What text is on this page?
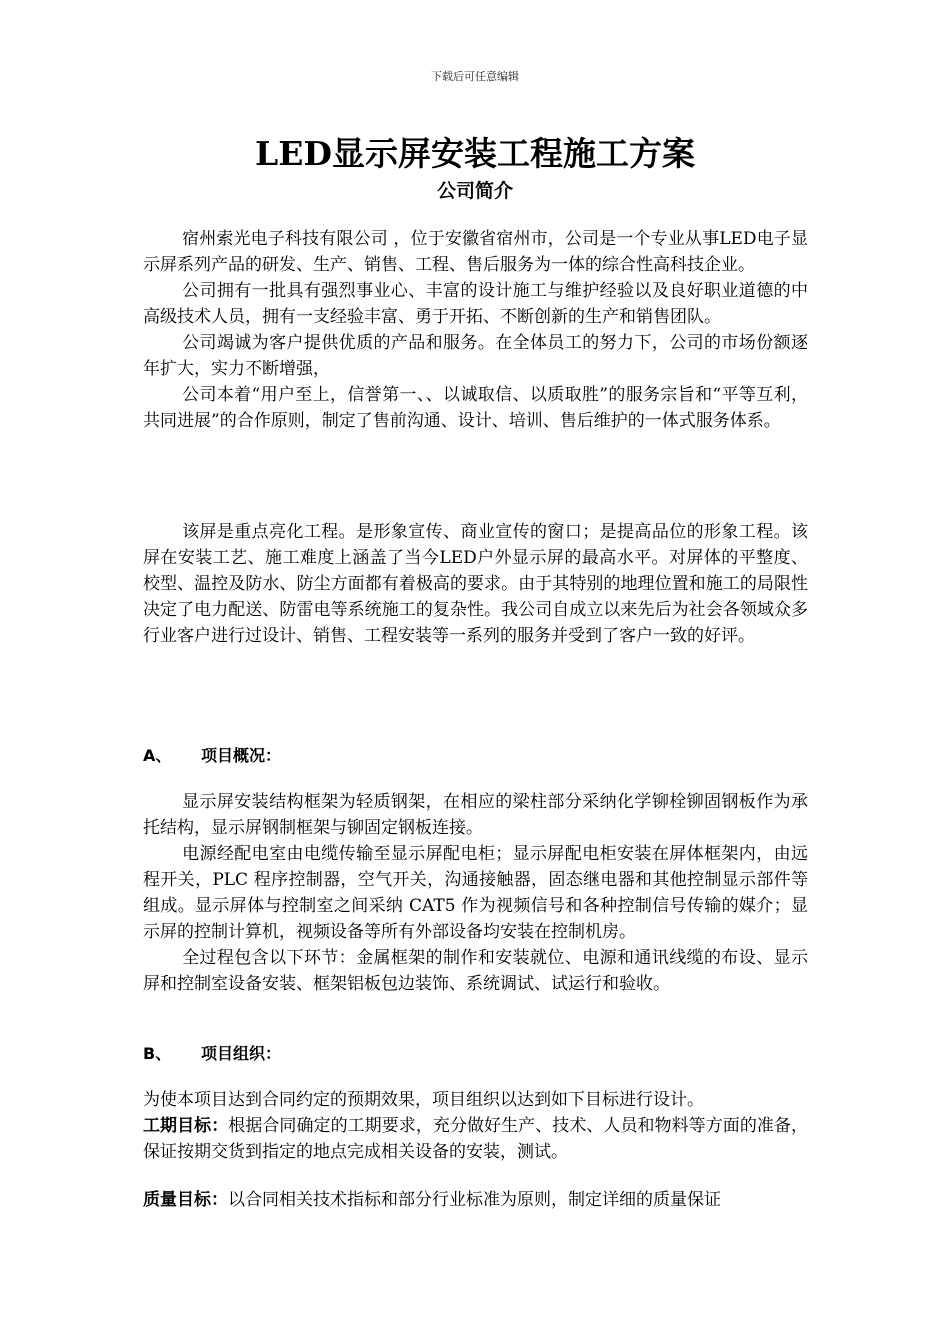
下载后可任意编辑
LED显示屏安装工程施工方案
公司简介

宿州索光电子科技有限公司 ，位于安徽省宿州市，公司是一个专业从事LED电子显示屏系列产品的研发、生产、销售、工程、售后服务为一体的综合性高科技企业。

公司拥有一批具有强烈事业心、丰富的设计施工与维护经验以及良好职业道德的中高级技术人员，拥有一支经验丰富、勇于开拓、不断创新的生产和销售团队。

公司竭诚为客户提供优质的产品和服务。在全体员工的努力下，公司的市场份额逐年扩大，实力不断增强，

公司本着“用户至上，信誉第一、、以诚取信、以质取胜”的服务宗旨和“平等互利，共同进展”的合作原则，制定了售前沟通、设计、培训、售后维护的一体式服务体系。

该屏是重点亮化工程。是形象宣传、商业宣传的窗口；是提高品位的形象工程。该屏在安装工艺、施工难度上涵盖了当今LED户外显示屏的最高水平。对屏体的平整度、校型、温控及防水、防尘方面都有着极高的要求。由于其特别的地理位置和施工的局限性决定了电力配送、防雷电等系统施工的复杂性。我公司自成立以来先后为社会各领域众多行业客户进行过设计、销售、工程安装等一系列的服务并受到了客户一致的好评。

A、 项目概况：

显示屏安装结构框架为轻质钢架，在相应的梁柱部分采纳化学铆栓铆固钢板作为承托结构，显示屏钢制框架与铆固定钢板连接。

电源经配电室由电缆传输至显示屏配电柜；显示屏配电柜安装在屏体框架内，由远程开关，PLC 程序控制器，空气开关，沟通接触器，固态继电器和其他控制显示部件等组成。显示屏体与控制室之间采纳 CAT5 作为视频信号和各种控制信号传输的媒介；显示屏的控制计算机，视频设备等所有外部设备均安装在控制机房。

全过程包含以下环节：金属框架的制作和安装就位、电源和通讯线缆的布设、显示屏和控制室设备安装、框架铝板包边装饰、系统调试、试运行和验收。

B、 项目组织：

为使本项目达到合同约定的预期效果，项目组织以达到如下目标进行设计。

工期目标：根据合同确定的工期要求，充分做好生产、技术、人员和物料等方面的准备，保证按期交货到指定的地点完成相关设备的安装，测试。

质量目标：以合同相关技术指标和部分行业标准为原则，制定详细的质量保证
